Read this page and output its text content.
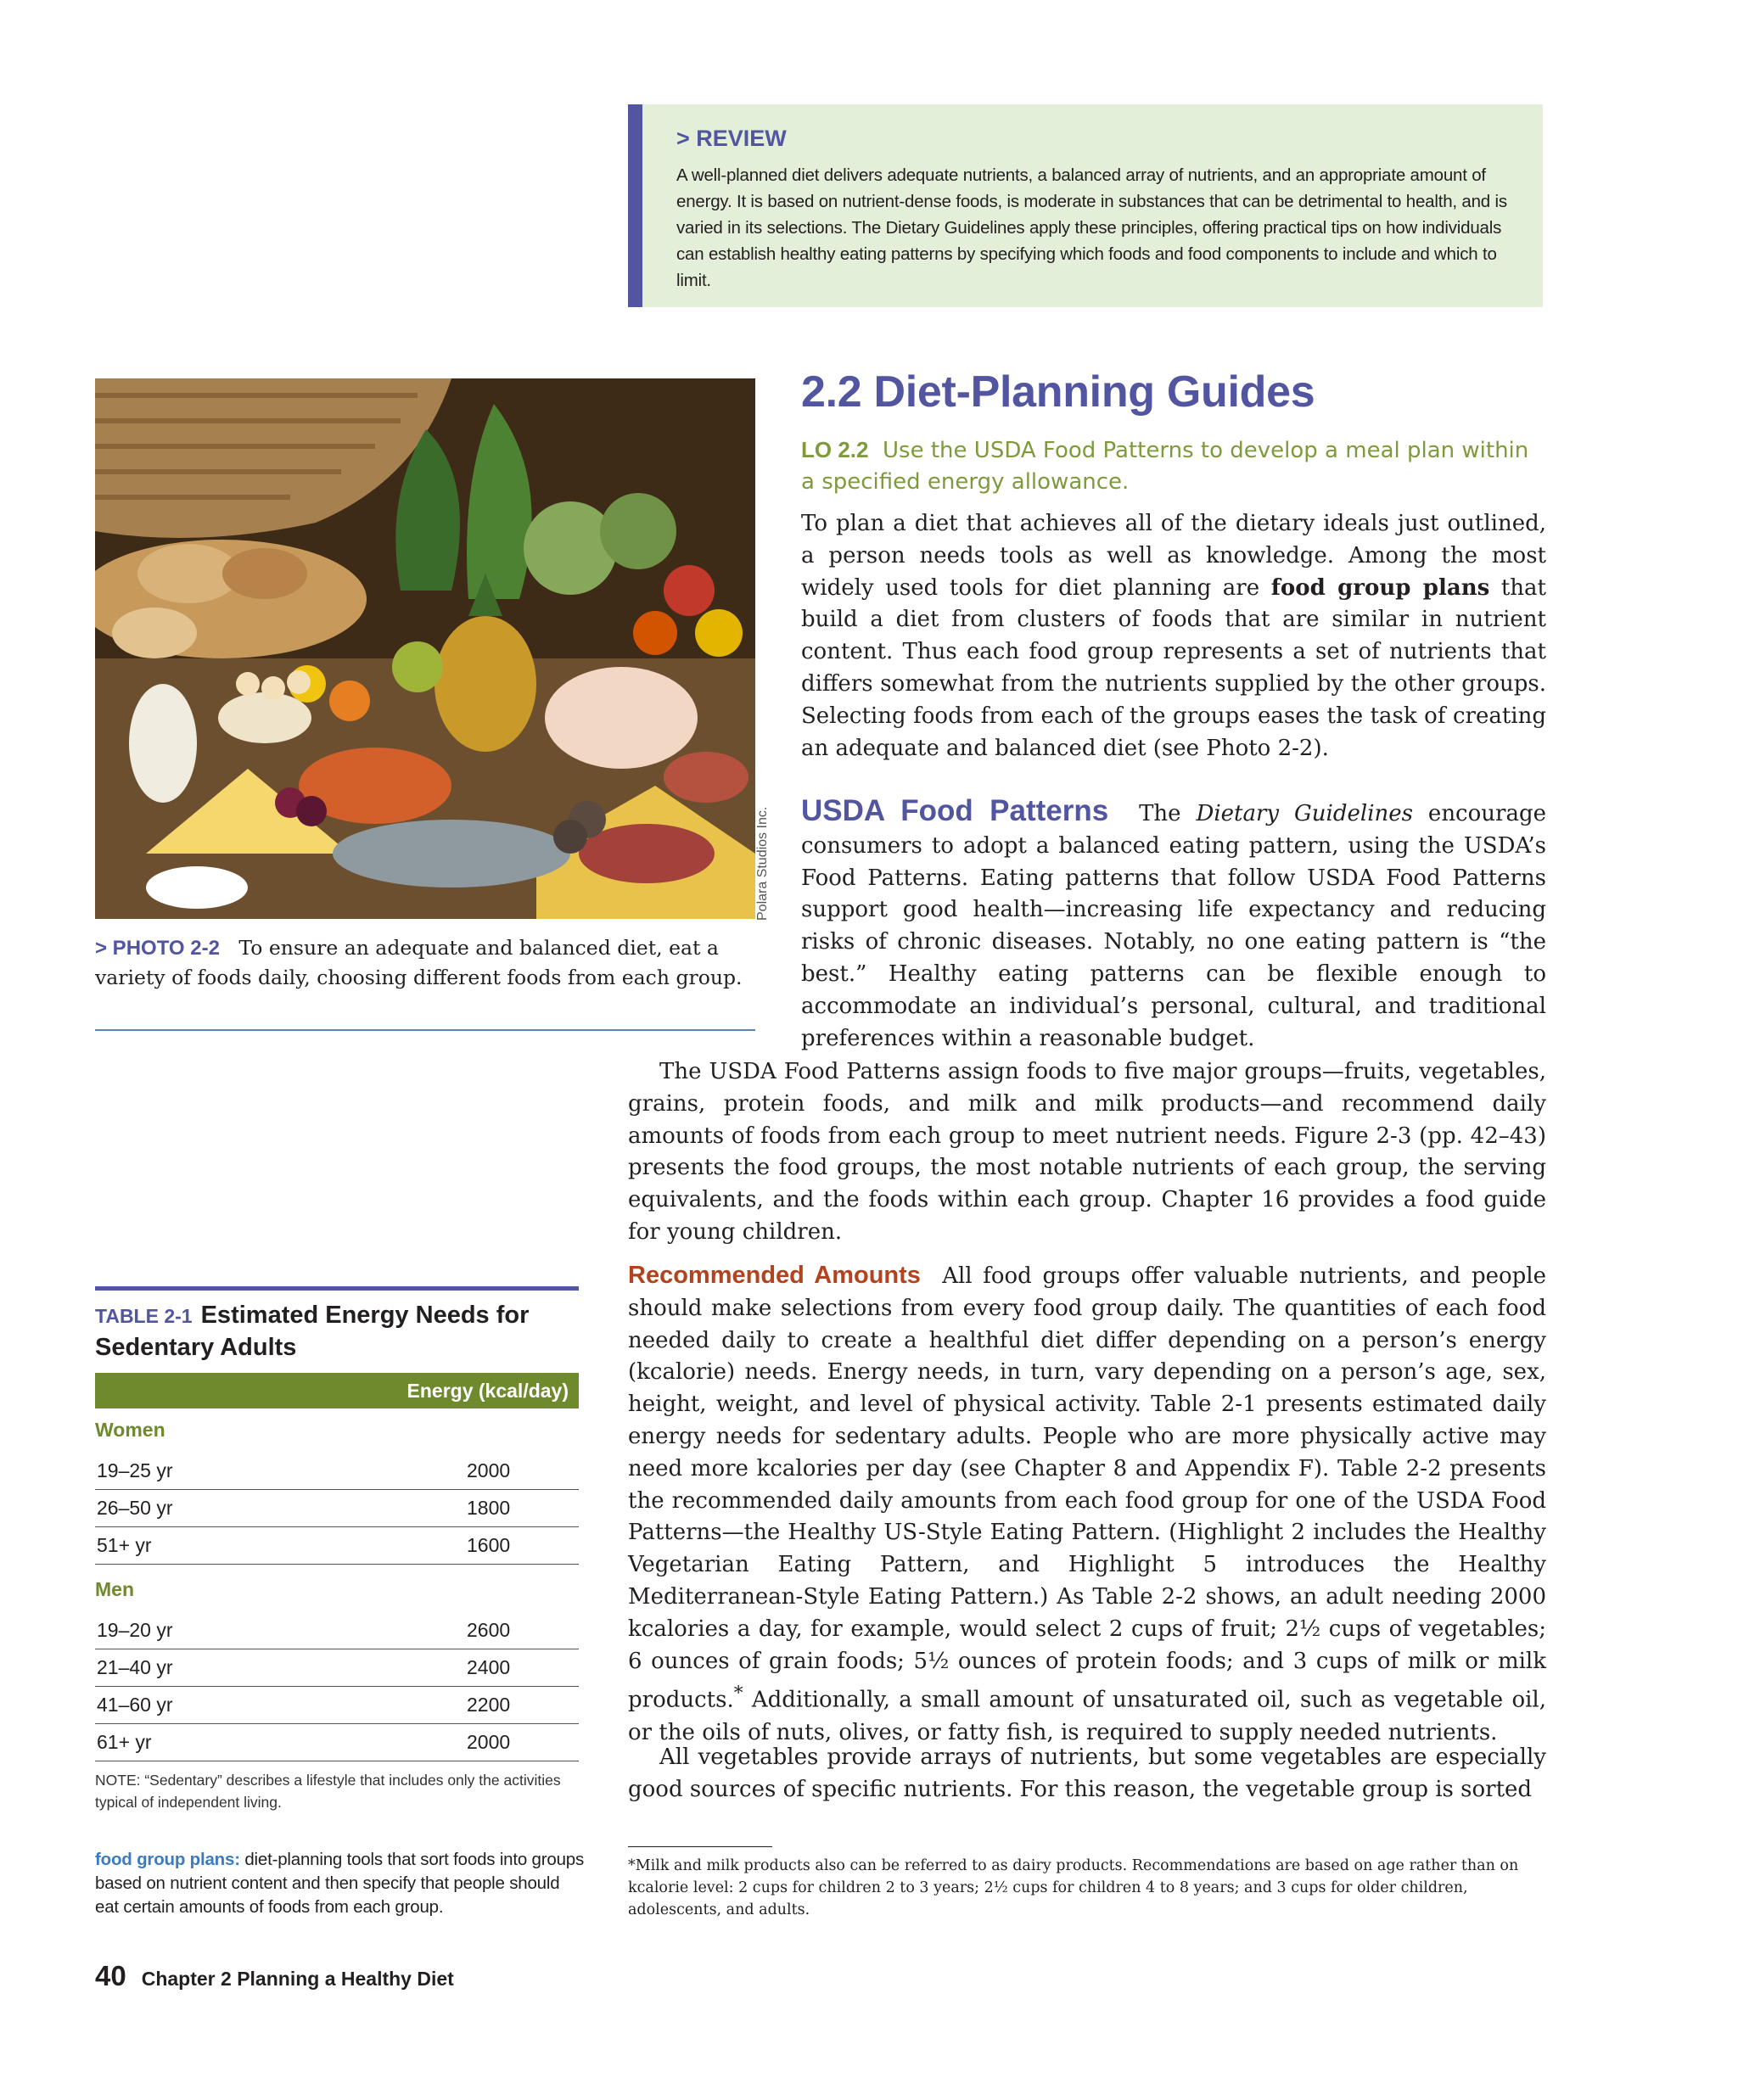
> REVIEW
A well-planned diet delivers adequate nutrients, a balanced array of nutrients, and an appropriate amount of energy. It is based on nutrient-dense foods, is moderate in substances that can be detrimental to health, and is varied in its selections. The Dietary Guidelines apply these principles, offering practical tips on how individuals can establish healthy eating patterns by specifying which foods and food components to include and which to limit.
Polara Studios Inc.
> PHOTO 2-2 To ensure an adequate and balanced diet, eat a variety of foods daily, choosing different foods from each group.
2.2 Diet-Planning Guides
LO 2.2 Use the USDA Food Patterns to develop a meal plan within a specified energy allowance.
To plan a diet that achieves all of the dietary ideals just outlined, a person needs tools as well as knowledge. Among the most widely used tools for diet planning are food group plans that build a diet from clusters of foods that are similar in nutrient content. Thus each food group represents a set of nutrients that differs somewhat from the nutrients supplied by the other groups. Selecting foods from each of the groups eases the task of creating an adequate and balanced diet (see Photo 2-2).
USDA Food Patterns The Dietary Guidelines encourage consumers to adopt a balanced eating pattern, using the USDA’s Food Patterns. Eating patterns that follow USDA Food Patterns support good health—increasing life expectancy and reducing risks of chronic diseases. Notably, no one eating pattern is “the best.” Healthy eating patterns can be flexible enough to accommodate an individual’s personal, cultural, and traditional preferences within a reasonable budget.
The USDA Food Patterns assign foods to five major groups—fruits, vegetables, grains, protein foods, and milk and milk products—and recommend daily amounts of foods from each group to meet nutrient needs. Figure 2-3 (pp. 42–43) presents the food groups, the most notable nutrients of each group, the serving equivalents, and the foods within each group. Chapter 16 provides a food guide for young children.
Recommended Amounts All food groups offer valuable nutrients, and people should make selections from every food group daily. The quantities of each food needed daily to create a healthful diet differ depending on a person’s energy (kcalorie) needs. Energy needs, in turn, vary depending on a person’s age, sex, height, weight, and level of physical activity. Table 2-1 presents estimated daily energy needs for sedentary adults. People who are more physically active may need more kcalories per day (see Chapter 8 and Appendix F). Table 2-2 presents the recommended daily amounts from each food group for one of the USDA Food Patterns—the Healthy US-Style Eating Pattern. (Highlight 2 includes the Healthy Vegetarian Eating Pattern, and Highlight 5 introduces the Healthy Mediterranean-Style Eating Pattern.) As Table 2-2 shows, an adult needing 2000 kcalories a day, for example, would select 2 cups of fruit; 2½ cups of vegetables; 6 ounces of grain foods; 5½ ounces of protein foods; and 3 cups of milk or milk products.* Additionally, a small amount of unsaturated oil, such as vegetable oil, or the oils of nuts, olives, or fatty fish, is required to supply needed nutrients.
All vegetables provide arrays of nutrients, but some vegetables are especially good sources of specific nutrients. For this reason, the vegetable group is sorted
*Milk and milk products also can be referred to as dairy products. Recommendations are based on age rather than on kcalorie level: 2 cups for children 2 to 3 years; 2½ cups for children 4 to 8 years; and 3 cups for older children, adolescents, and adults.
TABLE 2-1 Estimated Energy Needs for Sedentary Adults
Energy (kcal/day)
Women
19–25 yr	2000
26–50 yr	1800
51+ yr	1600
Men
19–20 yr	2600
21–40 yr	2400
41–60 yr	2200
61+ yr	2000
NOTE: “Sedentary” describes a lifestyle that includes only the activities typical of independent living.
food group plans: diet-planning tools that sort foods into groups based on nutrient content and then specify that people should eat certain amounts of foods from each group.
40 Chapter 2 Planning a Healthy Diet
